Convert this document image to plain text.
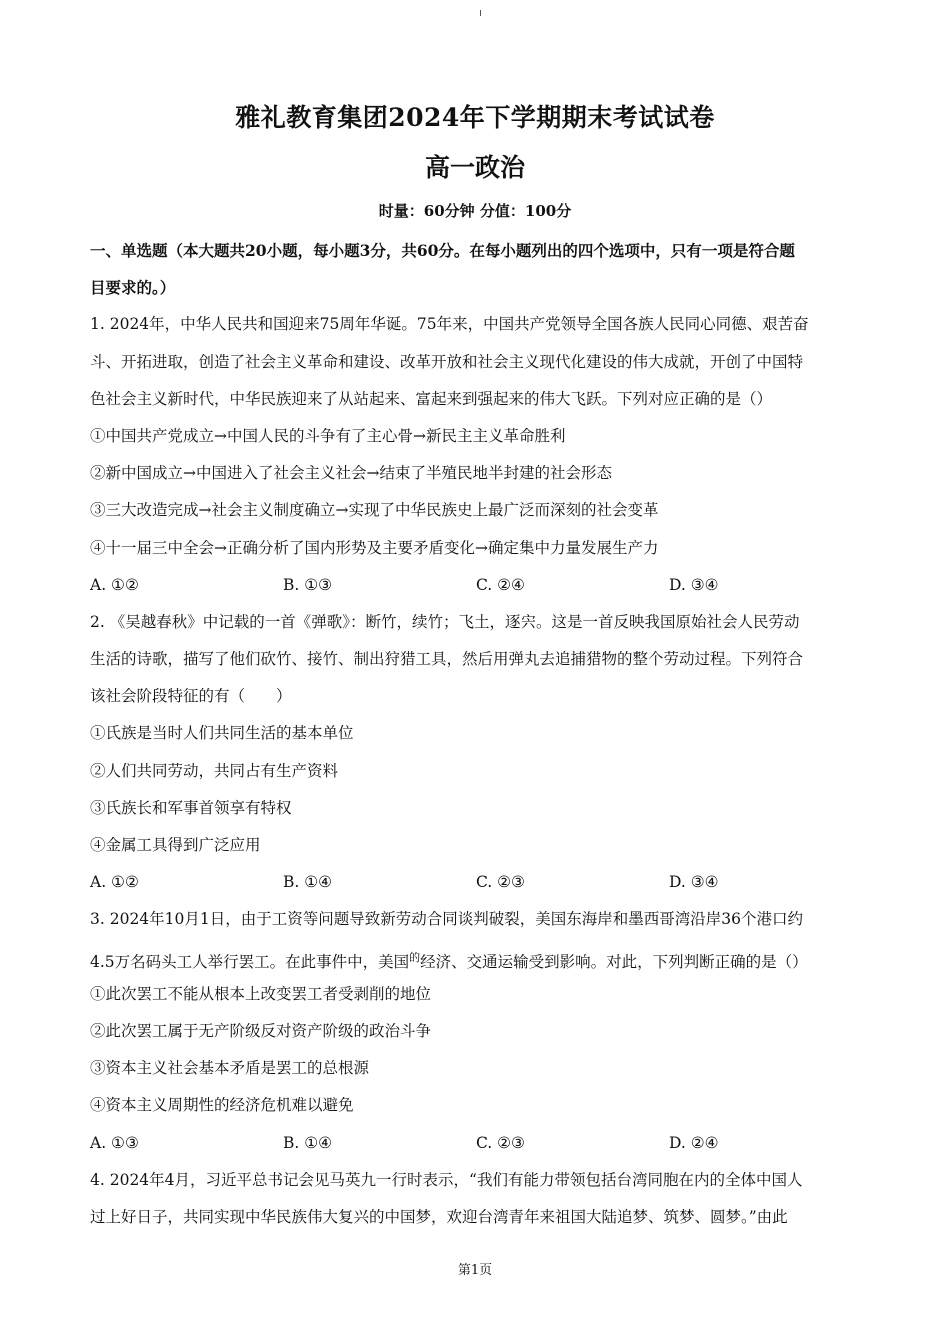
雅礼教育集团2024年下学期期末考试试卷
高一政治
时量：60分钟 分值：100分
一、单选题（本大题共20小题，每小题3分，共60分。在每小题列出的四个选项中，只有一项是符合题
目要求的。）
1. 2024年，中华人民共和国迎来75周年华诞。75年来，中国共产党领导全国各族人民同心同德、艰苦奋
斗、开拓进取，创造了社会主义革命和建设、改革开放和社会主义现代化建设的伟大成就，开创了中国特
色社会主义新时代，中华民族迎来了从站起来、富起来到强起来的伟大飞跃。下列对应正确的是（）
①中国共产党成立→中国人民的斗争有了主心骨→新民主主义革命胜利
②新中国成立→中国进入了社会主义社会→结束了半殖民地半封建的社会形态
③三大改造完成→社会主义制度确立→实现了中华民族史上最广泛而深刻的社会变革
④十一届三中全会→正确分析了国内形势及主要矛盾变化→确定集中力量发展生产力
A. ①②	B. ①③	C. ②④	D. ③④
2. 《吴越春秋》中记载的一首《弹歌》：断竹，续竹；飞土，逐宍。这是一首反映我国原始社会人民劳动
生活的诗歌，描写了他们砍竹、接竹、制出狩猎工具，然后用弹丸去追捕猎物的整个劳动过程。下列符合
该社会阶段特征的有（　　）
①氏族是当时人们共同生活的基本单位
②人们共同劳动，共同占有生产资料
③氏族长和军事首领享有特权
④金属工具得到广泛应用
A. ①②	B. ①④	C. ②③	D. ③④
3. 2024年10月1日，由于工资等问题导致新劳动合同谈判破裂，美国东海岸和墨西哥湾沿岸36个港口约
4.5万名码头工人举行罢工。在此事件中，美国$^的$经济、交通运输受到影响。对此，下列判断正确的是（）
①此次罢工不能从根本上改变罢工者受剥削的地位
②此次罢工属于无产阶级反对资产阶级的政治斗争
③资本主义社会基本矛盾是罢工的总根源
④资本主义周期性的经济危机难以避免
A. ①③	B. ①④	C. ②③	D. ②④
4. 2024年4月，习近平总书记会见马英九一行时表示，“我们有能力带领包括台湾同胞在内的全体中国人
过上好日子，共同实现中华民族伟大复兴的中国梦，欢迎台湾青年来祖国大陆追梦、筑梦、圆梦。”由此
第1页
